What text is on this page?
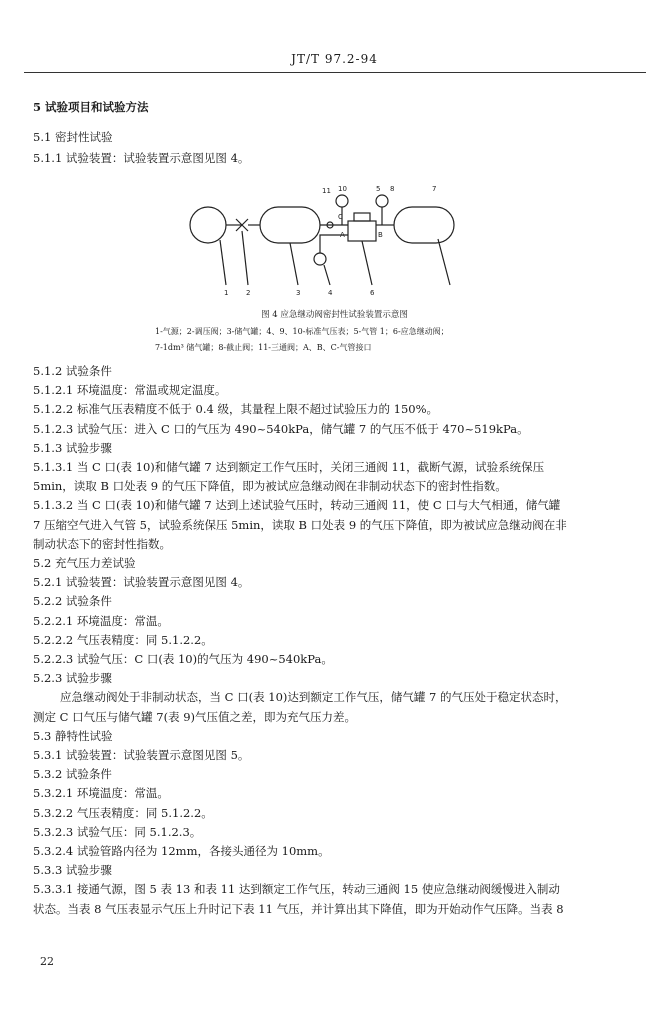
JT/T 97.2-94
5 试验项目和试验方法
5.1 密封性试验
5.1.1 试验装置：试验装置示意图见图 4。
11 10	5 8	7
C
A	B
1	2	3	4	6
图 4 应急继动阀密封性试验装置示意图
1-气源；2-调压阀；3-储气罐；4、9、10-标准气压表；5-气管 1；6-应急继动阀；
7-1dm³ 储气罐；8-截止阀；11-三通阀；A、B、C-气管接口
5.1.2 试验条件
5.1.2.1 环境温度：常温或规定温度。
5.1.2.2 标准气压表精度不低于 0.4 级，其量程上限不超过试验压力的 150%。
5.1.2.3 试验气压：进入 C 口的气压为 490~540kPa，储气罐 7 的气压不低于 470~519kPa。
5.1.3 试验步骤
5.1.3.1 当 C 口(表 10)和储气罐 7 达到额定工作气压时，关闭三通阀 11，截断气源，试验系统保压
5min，读取 B 口处表 9 的气压下降值，即为被试应急继动阀在非制动状态下的密封性指数。
5.1.3.2 当 C 口(表 10)和储气罐 7 达到上述试验气压时，转动三通阀 11，使 C 口与大气相通，储气罐
7 压缩空气进入气管 5，试验系统保压 5min，读取 B 口处表 9 的气压下降值，即为被试应急继动阀在非
制动状态下的密封性指数。
5.2 充气压力差试验
5.2.1 试验装置：试验装置示意图见图 4。
5.2.2 试验条件
5.2.2.1 环境温度：常温。
5.2.2.2 气压表精度：同 5.1.2.2。
5.2.2.3 试验气压：C 口(表 10)的气压为 490~540kPa。
5.2.3 试验步骤
应急继动阀处于非制动状态，当 C 口(表 10)达到额定工作气压，储气罐 7 的气压处于稳定状态时，
测定 C 口气压与储气罐 7(表 9)气压值之差，即为充气压力差。
5.3 静特性试验
5.3.1 试验装置：试验装置示意图见图 5。
5.3.2 试验条件
5.3.2.1 环境温度：常温。
5.3.2.2 气压表精度：同 5.1.2.2。
5.3.2.3 试验气压：同 5.1.2.3。
5.3.2.4 试验管路内径为 12mm，各接头通径为 10mm。
5.3.3 试验步骤
5.3.3.1 接通气源，图 5 表 13 和表 11 达到额定工作气压，转动三通阀 15 使应急继动阀缓慢进入制动
状态。当表 8 气压表显示气压上升时记下表 11 气压，并计算出其下降值，即为开始动作气压降。当表 8
22
